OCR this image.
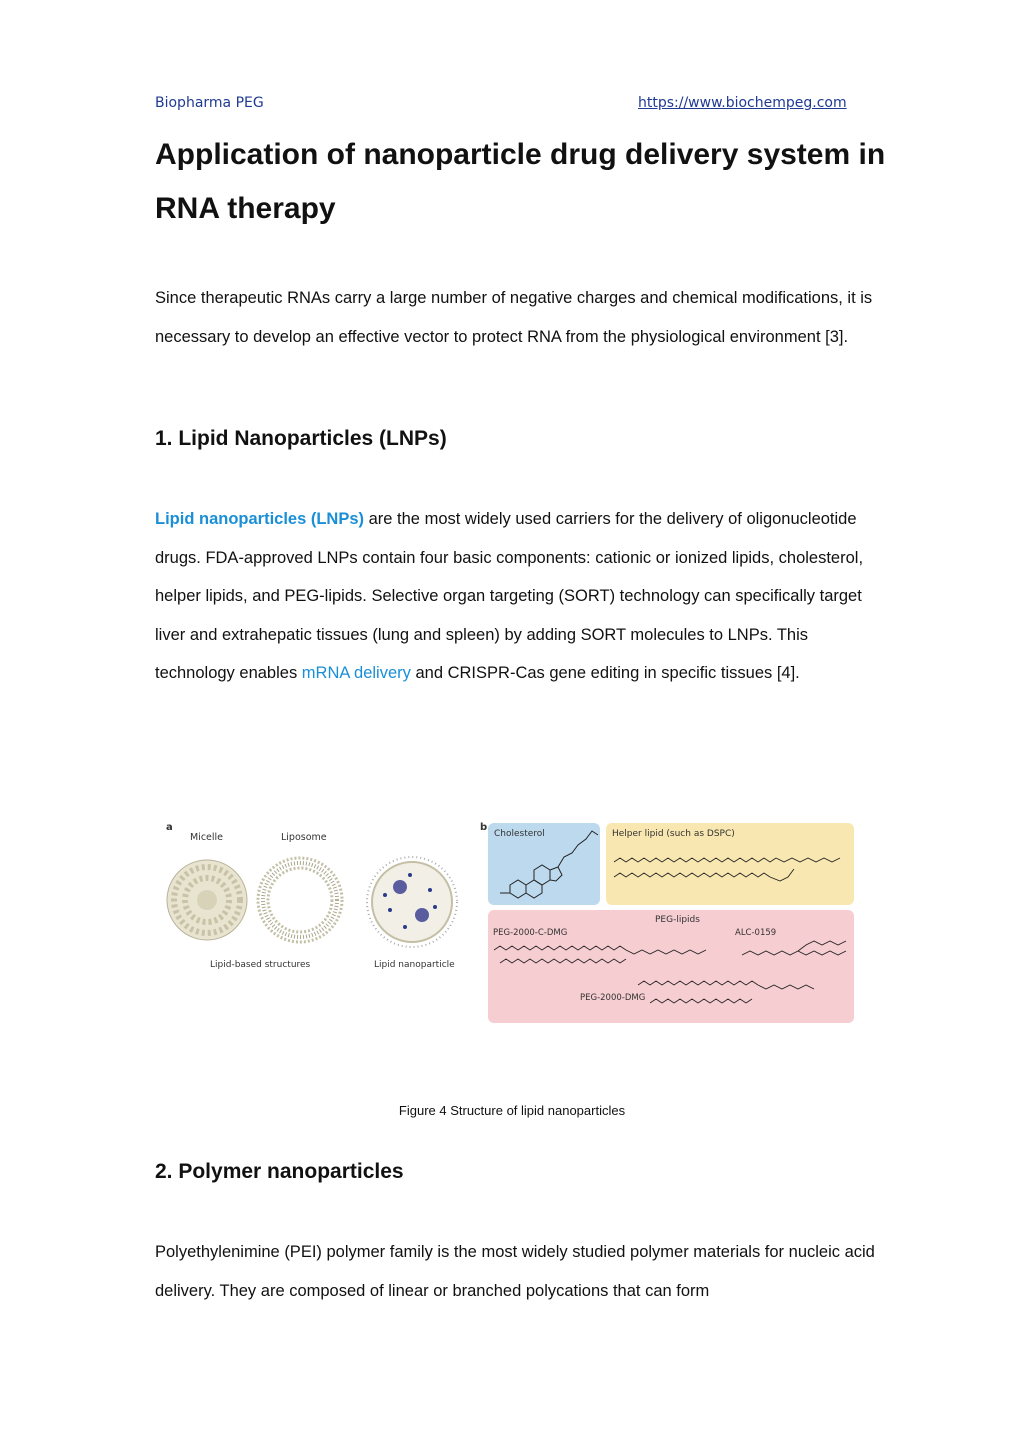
Biopharma PEG	https://www.biochempeg.com
Application of nanoparticle drug delivery system in RNA therapy

Since therapeutic RNAs carry a large number of negative charges and chemical modifications, it is necessary to develop an effective vector to protect RNA from the physiological environment [3].

1. Lipid Nanoparticles (LNPs)

Lipid nanoparticles (LNPs) are the most widely used carriers for the delivery of oligonucleotide drugs. FDA-approved LNPs contain four basic components: cationic or ionized lipids, cholesterol, helper lipids, and PEG-lipids. Selective organ targeting (SORT) technology can specifically target liver and extrahepatic tissues (lung and spleen) by adding SORT molecules to LNPs. This technology enables mRNA delivery and CRISPR-Cas gene editing in specific tissues [4].

a
Micelle	Liposome
Lipid-based structures	Lipid nanoparticle
b
Cholesterol	Helper lipid (such as DSPC)
PEG-lipids
PEG-2000-C-DMG	ALC-0159
PEG-2000-DMG
Figure 4 Structure of lipid nanoparticles
2. Polymer nanoparticles

Polyethylenimine (PEI) polymer family is the most widely studied polymer materials for nucleic acid delivery. They are composed of linear or branched polycations that can form
